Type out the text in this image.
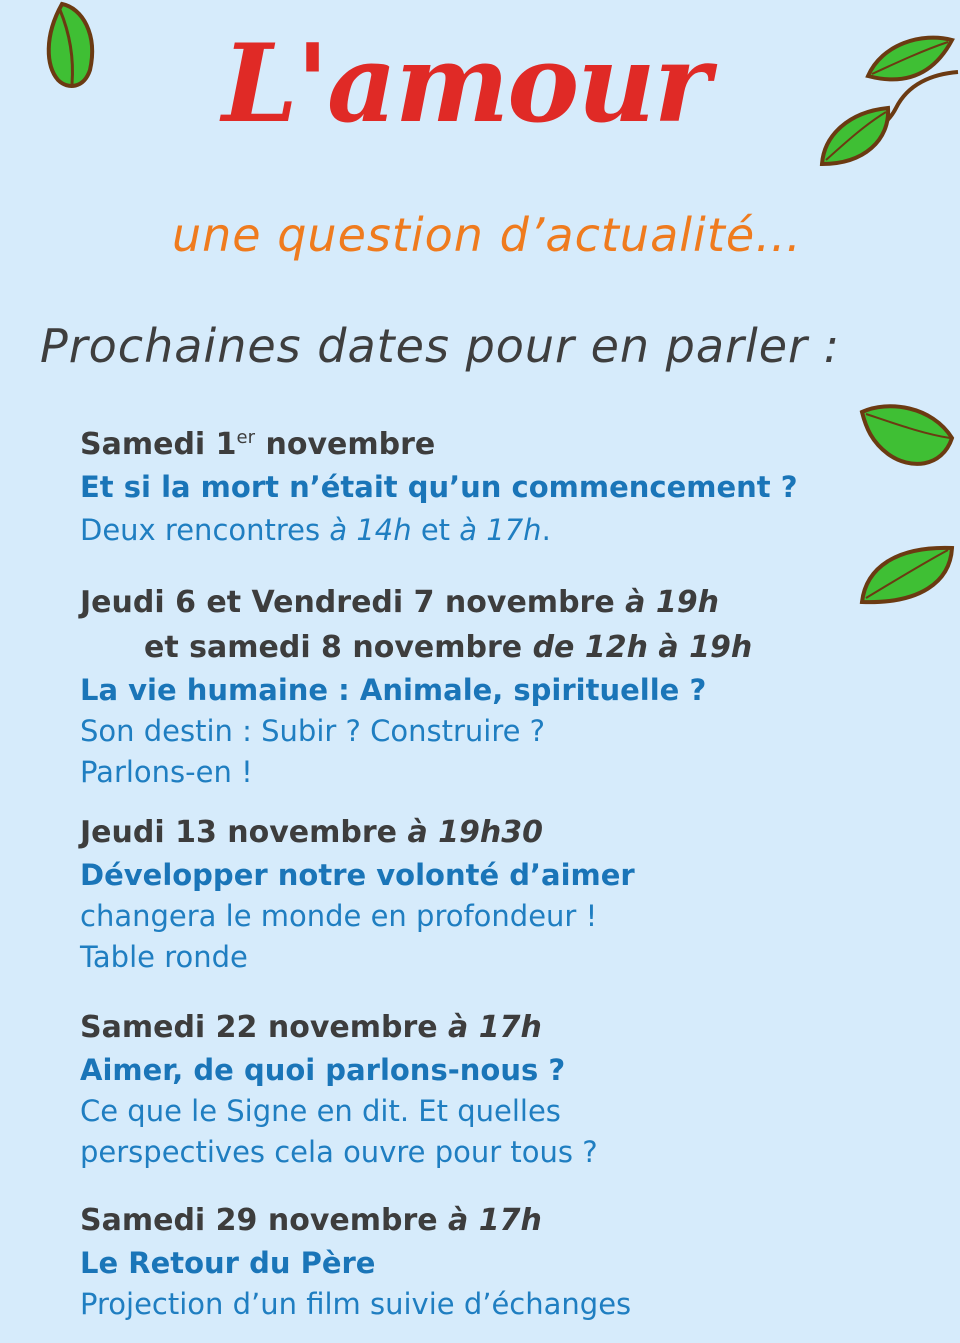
L'amour
une question d’actualité…
Prochaines dates pour en parler :
Samedi 1er novembre
Et si la mort n’était qu’un commencement ?
Deux rencontres à 14h et à 17h.
Jeudi 6 et Vendredi 7 novembre à 19h
et samedi 8 novembre de 12h à 19h
La vie humaine : Animale, spirituelle ?
Son destin : Subir ? Construire ?
Parlons-en !
Jeudi 13 novembre à 19h30
Développer notre volonté d’aimer
changera le monde en profondeur !
Table ronde
Samedi 22 novembre à 17h
Aimer, de quoi parlons-nous ?
Ce que le Signe en dit. Et quelles
perspectives cela ouvre pour tous ?
Samedi 29 novembre à 17h
Le Retour du Père
Projection d’un film suivie d’échanges
